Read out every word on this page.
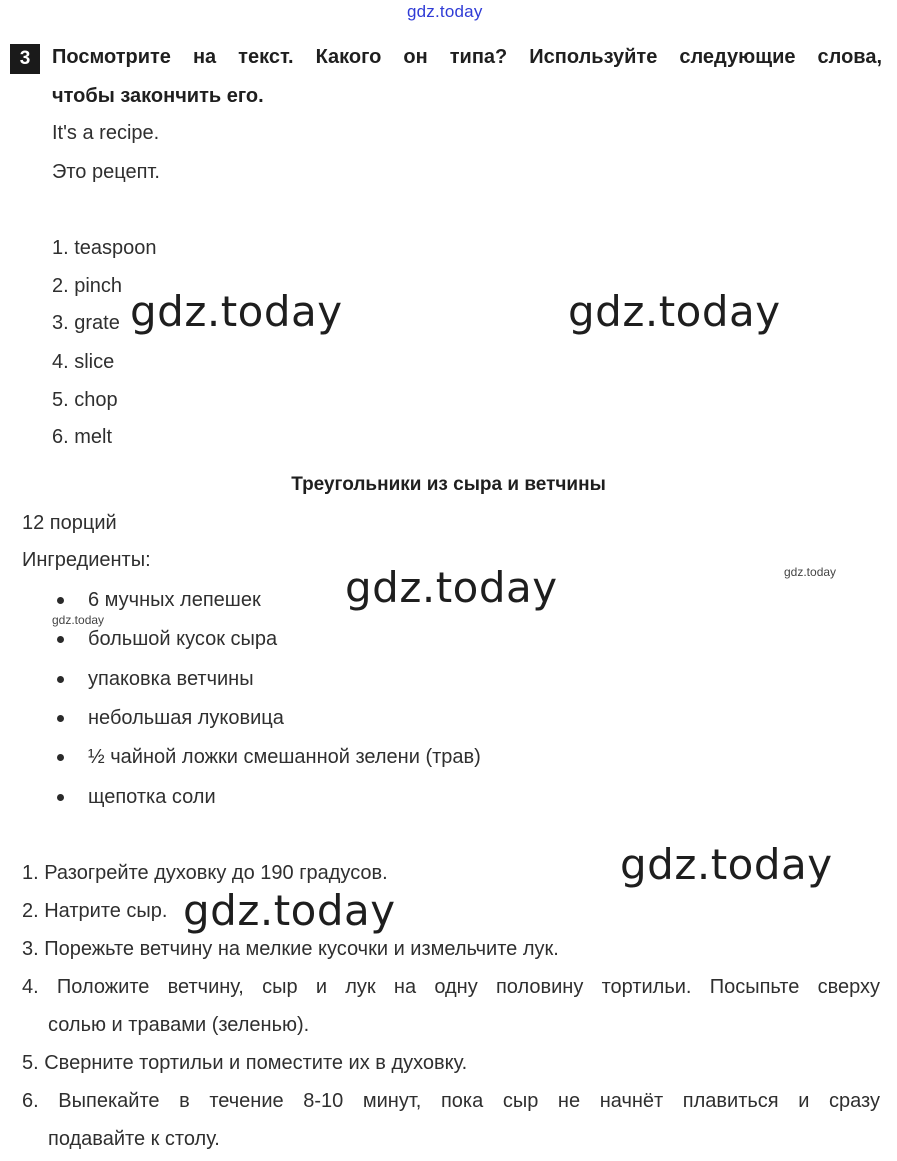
gdz.today
3	Посмотрите на текст. Какого он типа? Используйте следующие слова,
чтобы закончить его.
It's a recipe.
Это рецепт.
1. teaspoon
2. pinch
3. grate
4. slice
5. chop
6. melt
gdz.today	gdz.today
Треугольники из сыра и ветчины
12 порций
Ингредиенты:
gdz.today	gdz.today
gdz.today
6 мучных лепешек
большой кусок сыра
упаковка ветчины
небольшая луковица
½ чайной ложки смешанной зелени (трав)
щепотка соли
1. Разогрейте духовку до 190 градусов.	gdz.today
2. Натрите сыр. gdz.today
3. Порежьте ветчину на мелкие кусочки и измельчите лук.
4. Положите ветчину, сыр и лук на одну половину тортильи. Посыпьте сверху
солью и травами (зеленью).
5. Сверните тортильи и поместите их в духовку.
6. Выпекайте в течение 8-10 минут, пока сыр не начнёт плавиться и сразу
подавайте к столу.
